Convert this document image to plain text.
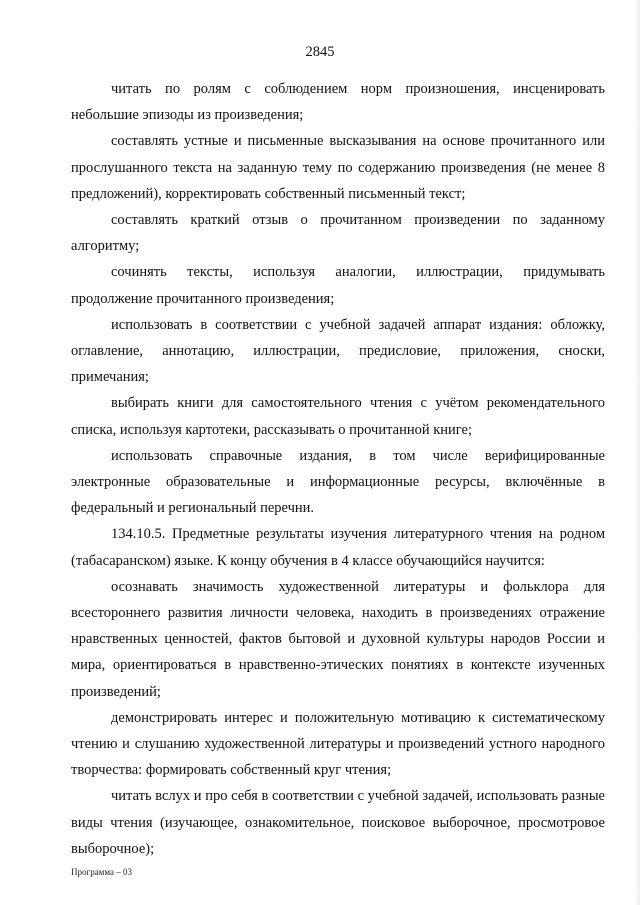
2845

читать по ролям с соблюдением норм произношения, инсценировать небольшие эпизоды из произведения;

составлять устные и письменные высказывания на основе прочитанного или прослушанного текста на заданную тему по содержанию произведения (не менее 8 предложений), корректировать собственный письменный текст;

составлять краткий отзыв о прочитанном произведении по заданному алгоритму;

сочинять тексты, используя аналогии, иллюстрации, придумывать продолжение прочитанного произведения;

использовать в соответствии с учебной задачей аппарат издания: обложку, оглавление, аннотацию, иллюстрации, предисловие, приложения, сноски, примечания;

выбирать книги для самостоятельного чтения с учётом рекомендательного списка, используя картотеки, рассказывать о прочитанной книге;

использовать справочные издания, в том числе верифицированные электронные образовательные и информационные ресурсы, включённые в федеральный и региональный перечни.

134.10.5. Предметные результаты изучения литературного чтения на родном (табасаранском) языке. К концу обучения в 4 классе обучающийся научится:

осознавать значимость художественной литературы и фольклора для всестороннего развития личности человека, находить в произведениях отражение нравственных ценностей, фактов бытовой и духовной культуры народов России и мира, ориентироваться в нравственно-этических понятиях в контексте изученных произведений;

демонстрировать интерес и положительную мотивацию к систематическому чтению и слушанию художественной литературы и произведений устного народного творчества: формировать собственный круг чтения;

читать вслух и про себя в соответствии с учебной задачей, использовать разные виды чтения (изучающее, ознакомительное, поисковое выборочное, просмотровое выборочное);

Программа – 03
